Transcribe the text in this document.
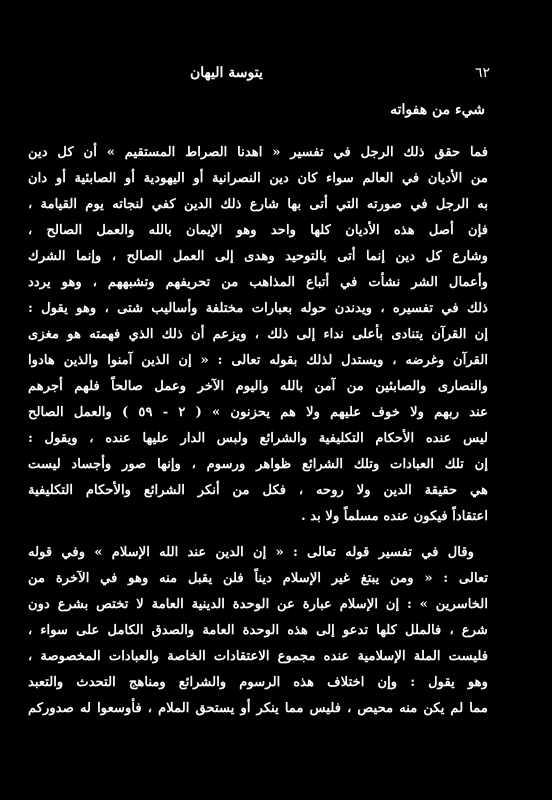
٦٢
يتوسة اليهان
شيء من هفواته
فما حقق ذلك الرجل في تفسير « اهدنا الصراط المستقيم » أن كل دين
من الأديان في العالم سواء كان دين النصرانية أو اليهودية أو الصابئية أو دان
به الرجل في صورته التي أتى بها شارع ذلك الدين كفي لنجاته يوم القيامة ،
فإن أصل هذه الأديان كلها واحد وهو الإيمان بالله والعمل الصالح ،
وشارع كل دين إنما أتى بالتوحيد وهدى إلى العمل الصالح ، وإنما الشرك
وأعمال الشر نشأت في أتباع المذاهب من تحريفهم وتشبههم ، وهو يردد
ذلك في تفسيره ، ويدندن حوله بعبارات مختلفة وأساليب شتى ، وهو يقول :
إن القرآن يتنادى بأعلى نداء إلى ذلك ، ويزعم أن ذلك الذي فهمته هو مغزى
القرآن وغرضه ، ويستدل لذلك بقوله تعالى : « إن الذين آمنوا والذين هادوا
والنصارى والصابئين من آمن بالله واليوم الآخر وعمل صالحاً فلهم أجرهم
عند ربهم ولا خوف عليهم ولا هم يحزنون » ( ٢ - ٥٩ ) والعمل الصالح
ليس عنده الأحكام التكليفية والشرائع ولبس الدار عليها عنده ، ويقول :
إن تلك العبادات وتلك الشرائع ظواهر ورسوم ، وإنها صور وأجساد ليست
هي حقيقة الدين ولا روحه ، فكل من أنكر الشرائع والأحكام التكليفية
اعتقاداً فيكون عنده مسلماً ولا بد .
وقال في تفسير قوله تعالى : « إن الدين عند الله الإسلام » وفي قوله
تعالى : « ومن يبتغ غير الإسلام ديناً فلن يقبل منه وهو في الآخرة من
الخاسرين » : إن الإسلام عبارة عن الوحدة الدينية العامة لا تختص بشرع دون
شرع ، فالملل كلها تدعو إلى هذه الوحدة العامة والصدق الكامل على سواء ،
فليست الملة الإسلامية عنده مجموع الاعتقادات الخاصة والعبادات المخصوصة ،
وهو يقول : وإن اختلاف هذه الرسوم والشرائع ومناهج التحدث والتعبد
مما لم يكن منه محيص ، فليس مما ينكر أو يستحق الملام ، فأوسعوا له صدوركم
